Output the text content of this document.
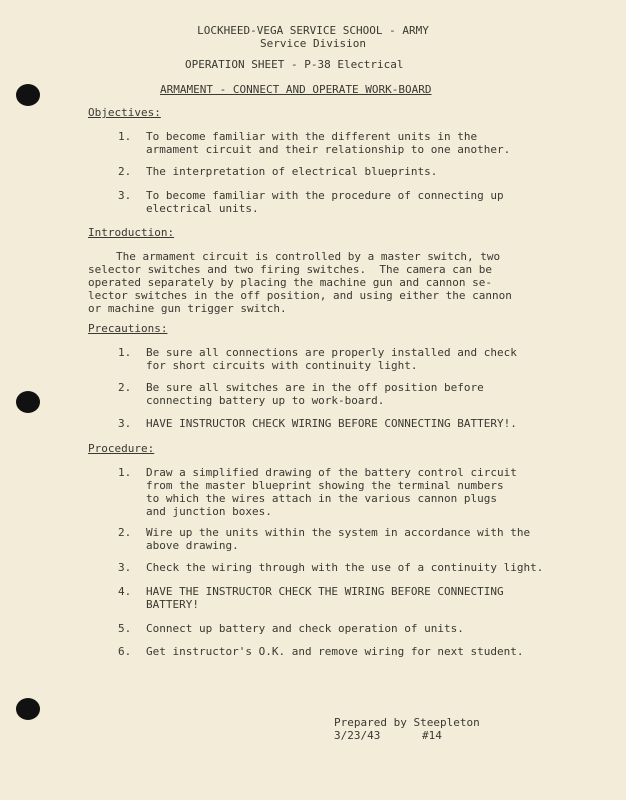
LOCKHEED-VEGA SERVICE SCHOOL - ARMY
Service Division
OPERATION SHEET - P-38 Electrical
ARMAMENT - CONNECT AND OPERATE WORK-BOARD
Objectives:
1. To become familiar with the different units in the
armament circuit and their relationship to one another.
2. The interpretation of electrical blueprints.
3. To become familiar with the procedure of connecting up
electrical units.
Introduction:
The armament circuit is controlled by a master switch, two
selector switches and two firing switches.  The camera can be
operated separately by placing the machine gun and cannon se-
lector switches in the off position, and using either the cannon
or machine gun trigger switch.
Precautions:
1. Be sure all connections are properly installed and check
for short circuits with continuity light.
2. Be sure all switches are in the off position before
connecting battery up to work-board.
3. HAVE INSTRUCTOR CHECK WIRING BEFORE CONNECTING BATTERY!.
Procedure:
1. Draw a simplified drawing of the battery control circuit
from the master blueprint showing the terminal numbers
to which the wires attach in the various cannon plugs
and junction boxes.
2. Wire up the units within the system in accordance with the
above drawing.
3. Check the wiring through with the use of a continuity light.
4. HAVE THE INSTRUCTOR CHECK THE WIRING BEFORE CONNECTING
BATTERY!
5. Connect up battery and check operation of units.
6. Get instructor's O.K. and remove wiring for next student.
Prepared by Steepleton
3/23/43	#14
